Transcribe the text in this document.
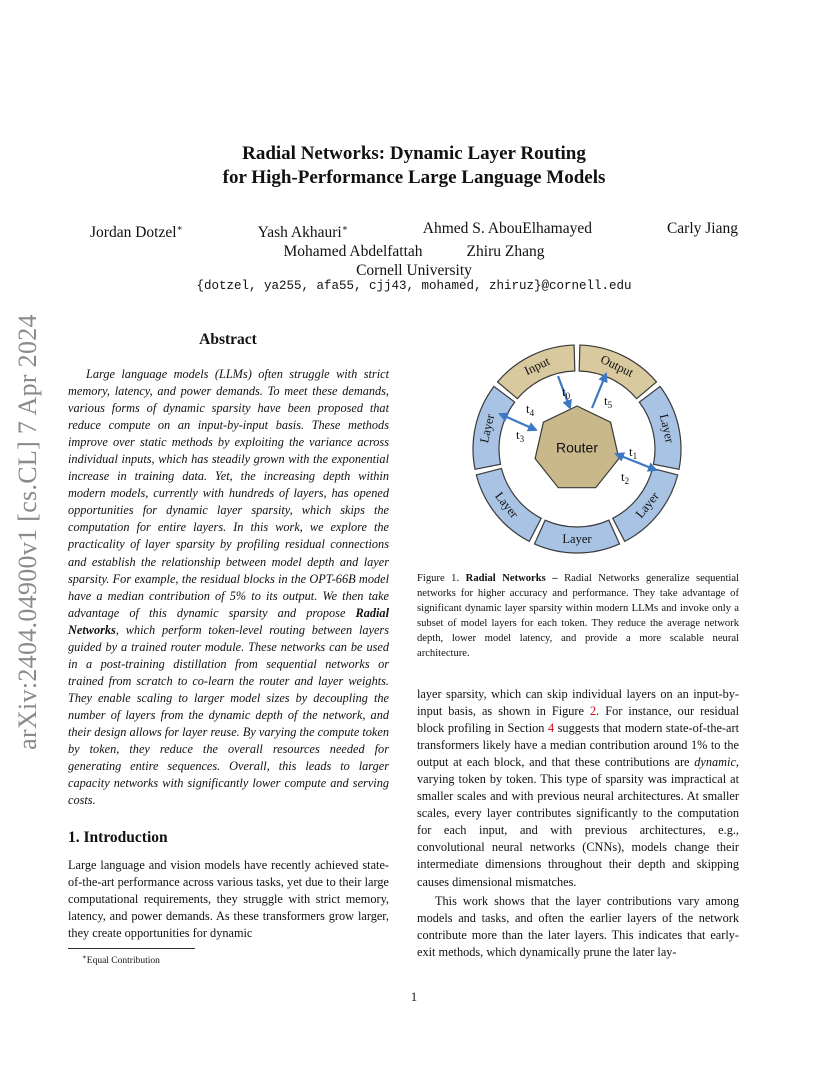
arXiv:2404.04900v1 [cs.CL] 7 Apr 2024
Radial Networks: Dynamic Layer Routing
for High-Performance Large Language Models
Jordan Dotzel∗	Yash Akhauri∗	Ahmed S. AbouElhamayed	Carly Jiang
Mohamed Abdelfattah	Zhiru Zhang
Cornell University
{dotzel, ya255, afa55, cjj43, mohamed, zhiruz}@cornell.edu
Abstract

Large language models (LLMs) often struggle with strict memory, latency, and power demands. To meet these demands, various forms of dynamic sparsity have been proposed that reduce compute on an input-by-input basis. These methods improve over static methods by exploiting the variance across individual inputs, which has steadily grown with the exponential increase in training data. Yet, the increasing depth within modern models, currently with hundreds of layers, has opened opportunities for dynamic layer sparsity, which skips the computation for entire layers. In this work, we explore the practicality of layer sparsity by profiling residual connections and establish the relationship between model depth and layer sparsity. For example, the residual blocks in the OPT-66B model have a median contribution of 5% to its output. We then take advantage of this dynamic sparsity and propose Radial Networks, which perform token-level routing between layers guided by a trained router module. These networks can be used in a post-training distillation from sequential networks or trained from scratch to co-learn the router and layer weights. They enable scaling to larger model sizes by decoupling the number of layers from the dynamic depth of the network, and their design allows for layer reuse. By varying the compute token by token, they reduce the overall resources needed for generating entire sequences. Overall, this leads to larger capacity networks with significantly lower compute and serving costs.

1. Introduction

Large language and vision models have recently achieved state-of-the-art performance across various tasks, yet due to their large computational requirements, they struggle with strict memory, latency, and power demands. As these transformers grow larger, they create opportunities for dynamic

∗Equal Contribution
Input	Output
Layer
Layer
Layer
Layer
Layer
Router
$t_0$	$t_5$
$t_4$
$t_3$
$t_1$
$t_2$

Figure 1. Radial Networks – Radial Networks generalize sequential networks for higher accuracy and performance. They take advantage of significant dynamic layer sparsity within modern LLMs and invoke only a subset of model layers for each token. They reduce the average network depth, lower model latency, and provide a more scalable neural architecture.

layer sparsity, which can skip individual layers on an input-by-input basis, as shown in Figure 2. For instance, our residual block profiling in Section 4 suggests that modern state-of-the-art transformers likely have a median contribution around 1% to the output at each block, and that these contributions are dynamic, varying token by token. This type of sparsity was impractical at smaller scales and with previous neural architectures. At smaller scales, every layer contributes significantly to the computation for each input, and with previous architectures, e.g., convolutional neural networks (CNNs), models change their intermediate dimensions throughout their depth and skipping causes dimensional mismatches.

This work shows that the layer contributions vary among models and tasks, and often the earlier layers of the network contribute more than the later layers. This indicates that early-exit methods, which dynamically prune the later lay-

1
